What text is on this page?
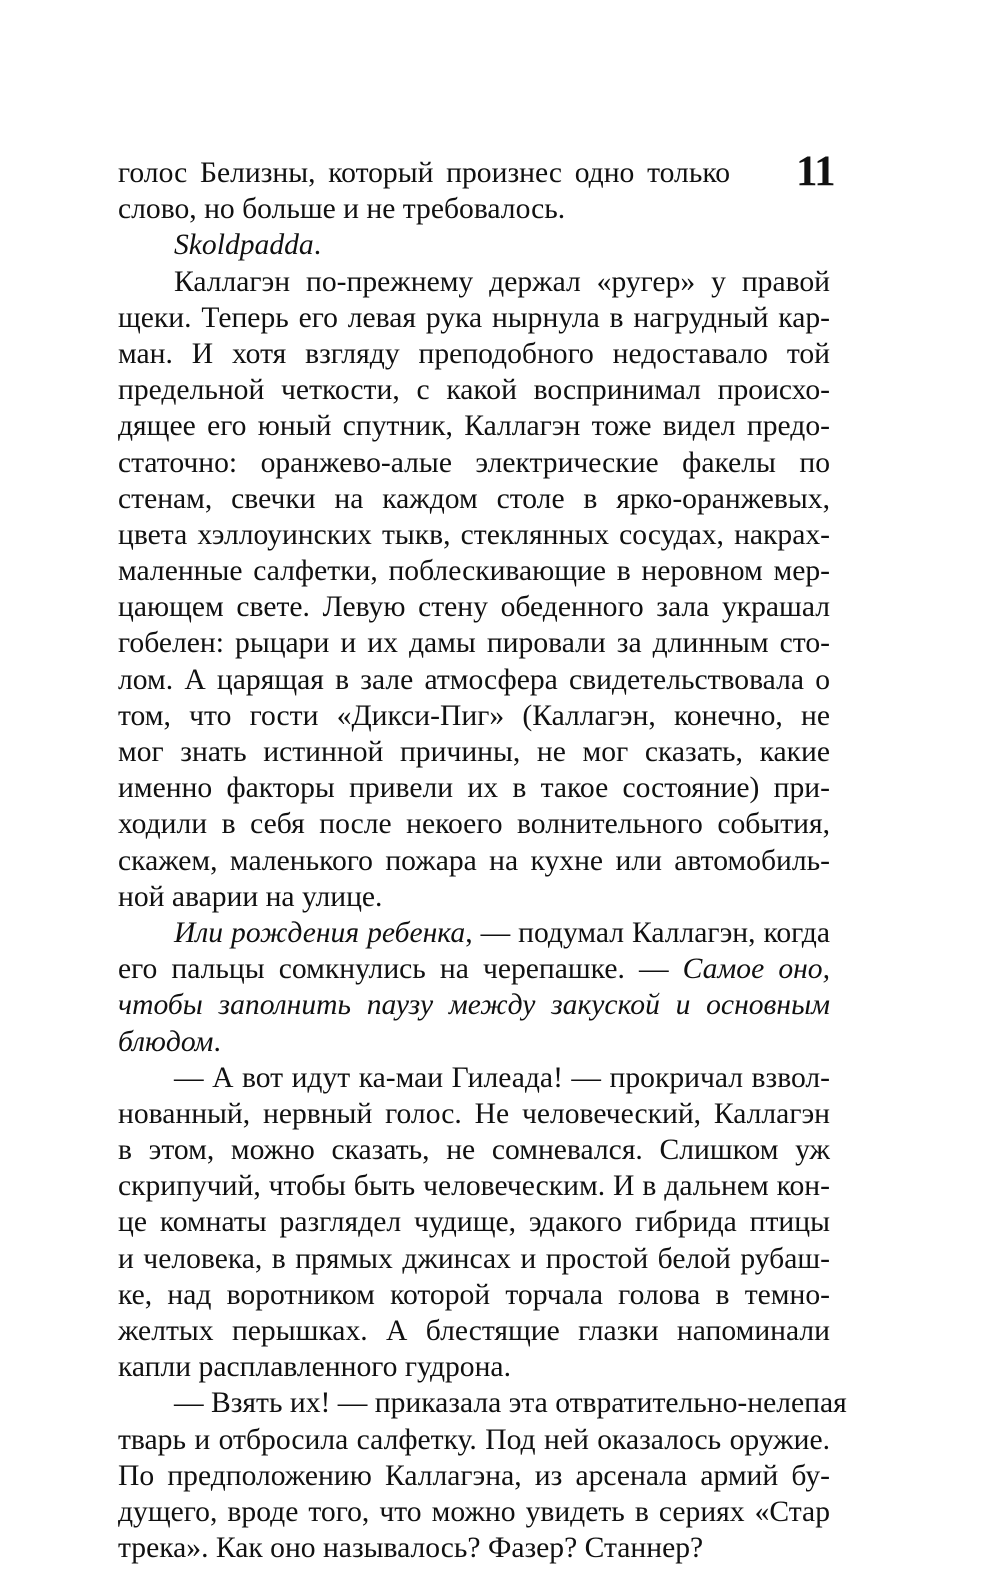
11
голос Белизны, который произнес одно только
слово, но больше и не требовалось.
Skoldpadda.
Каллагэн по-прежнему держал «ругер» у правой
щеки. Теперь его левая рука нырнула в нагрудный кар-
ман. И хотя взгляду преподобного недоставало той
предельной четкости, с какой воспринимал происхо-
дящее его юный спутник, Каллагэн тоже видел предо-
статочно: оранжево-алые электрические факелы по
стенам, свечки на каждом столе в ярко-оранжевых,
цвета хэллоуинских тыкв, стеклянных сосудах, накрах-
маленные салфетки, поблескивающие в неровном мер-
цающем свете. Левую стену обеденного зала украшал
гобелен: рыцари и их дамы пировали за длинным сто-
лом. А царящая в зале атмосфера свидетельствовала о
том, что гости «Дикси-Пиг» (Каллагэн, конечно, не
мог знать истинной причины, не мог сказать, какие
именно факторы привели их в такое состояние) при-
ходили в себя после некоего волнительного события,
скажем, маленького пожара на кухне или автомобиль-
ной аварии на улице.
Или рождения ребенка, — подумал Каллагэн, когда
его пальцы сомкнулись на черепашке. — Самое оно,
чтобы заполнить паузу между закуской и основным
блюдом.
— А вот идут ка-маи Гилеада! — прокричал взвол-
нованный, нервный голос. Не человеческий, Каллагэн
в этом, можно сказать, не сомневался. Слишком уж
скрипучий, чтобы быть человеческим. И в дальнем кон-
це комнаты разглядел чудище, эдакого гибрида птицы
и человека, в прямых джинсах и простой белой рубаш-
ке, над воротником которой торчала голова в темно-
желтых перышках. А блестящие глазки напоминали
капли расплавленного гудрона.
— Взять их! — приказала эта отвратительно-нелепая
тварь и отбросила салфетку. Под ней оказалось оружие.
По предположению Каллагэна, из арсенала армий бу-
дущего, вроде того, что можно увидеть в сериях «Стар
трека». Как оно называлось? Фазер? Станнер?
